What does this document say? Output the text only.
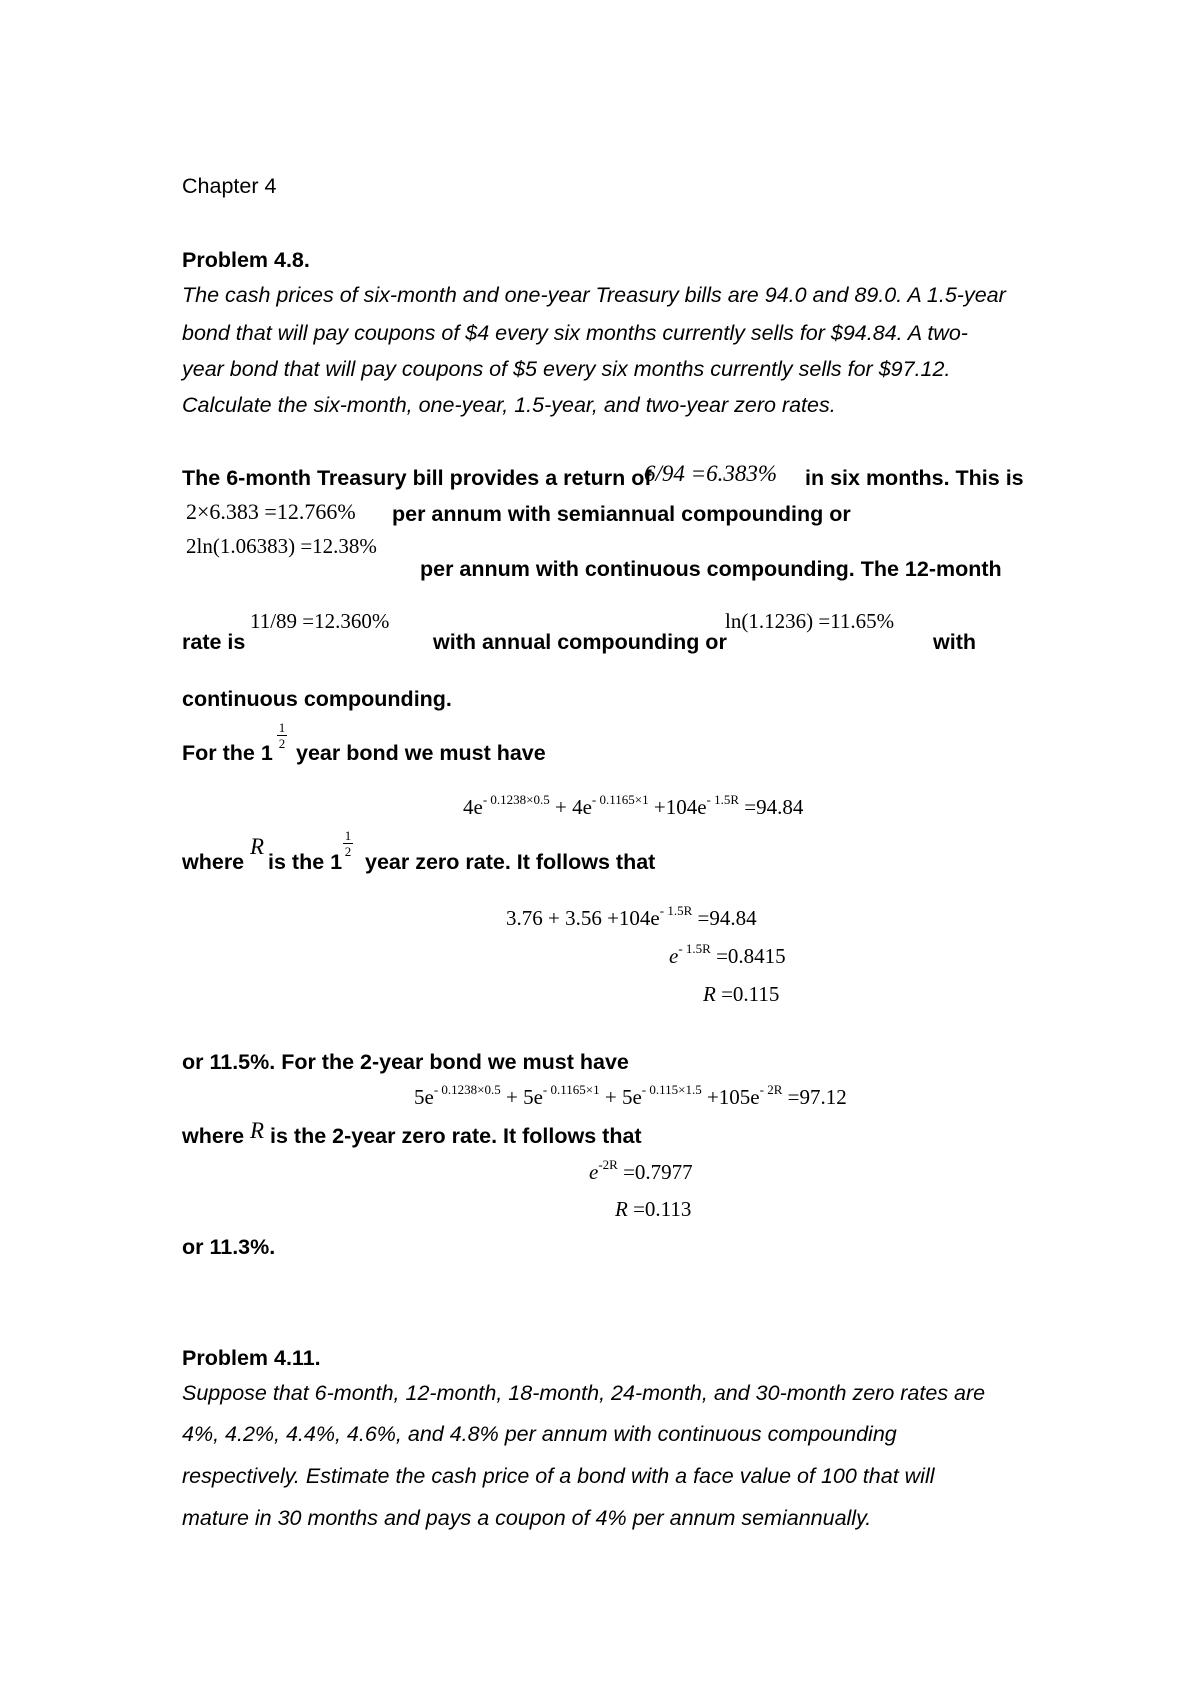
Chapter 4
Problem 4.8.
The cash prices of six-month and one-year Treasury bills are 94.0 and 89.0. A 1.5-year
bond that will pay coupons of $4 every six months currently sells for $94.84. A two-
year bond that will pay coupons of $5 every six months currently sells for $97.12.
Calculate the six-month, one-year, 1.5-year, and two-year zero rates.
The 6-month Treasury bill provides a return of
6/94 =6.383% in six months. This is
2×6.383 =12.766% per annum with semiannual compounding or
2ln(1.06383) =12.38%
per annum with continuous compounding. The 12-month
rate is
11/89 =12.360%
with annual compounding or
ln(1.1236) =11.65%
with
continuous compounding.
For the 1
1
2 year bond we must have
$4e^{- 0.1238\times 0.5} + 4e^{- 0.1165\times 1} +104e^{- 1.5R} =94.84$
where
R
is the 1
1
2 year zero rate. It follows that
$3.76 + 3.56 +104e^{- 1.5R} =94.84$
$e^{- 1.5R} =0.8415$
R =0.115
or 11.5%. For the 2-year bond we must have
$5e^{- 0.1238\times 0.5} + 5e^{- 0.1165\times 1} + 5e^{- 0.115\times 1.5} +105e^{- 2R} =97.12$
where R is the 2-year zero rate. It follows that
$e^{-2R} =0.7977$
R =0.113
or 11.3%.
Problem 4.11.
Suppose that 6-month, 12-month, 18-month, 24-month, and 30-month zero rates are
4%, 4.2%, 4.4%, 4.6%, and 4.8% per annum with continuous compounding
respectively. Estimate the cash price of a bond with a face value of 100 that will
mature in 30 months and pays a coupon of 4% per annum semiannually.
